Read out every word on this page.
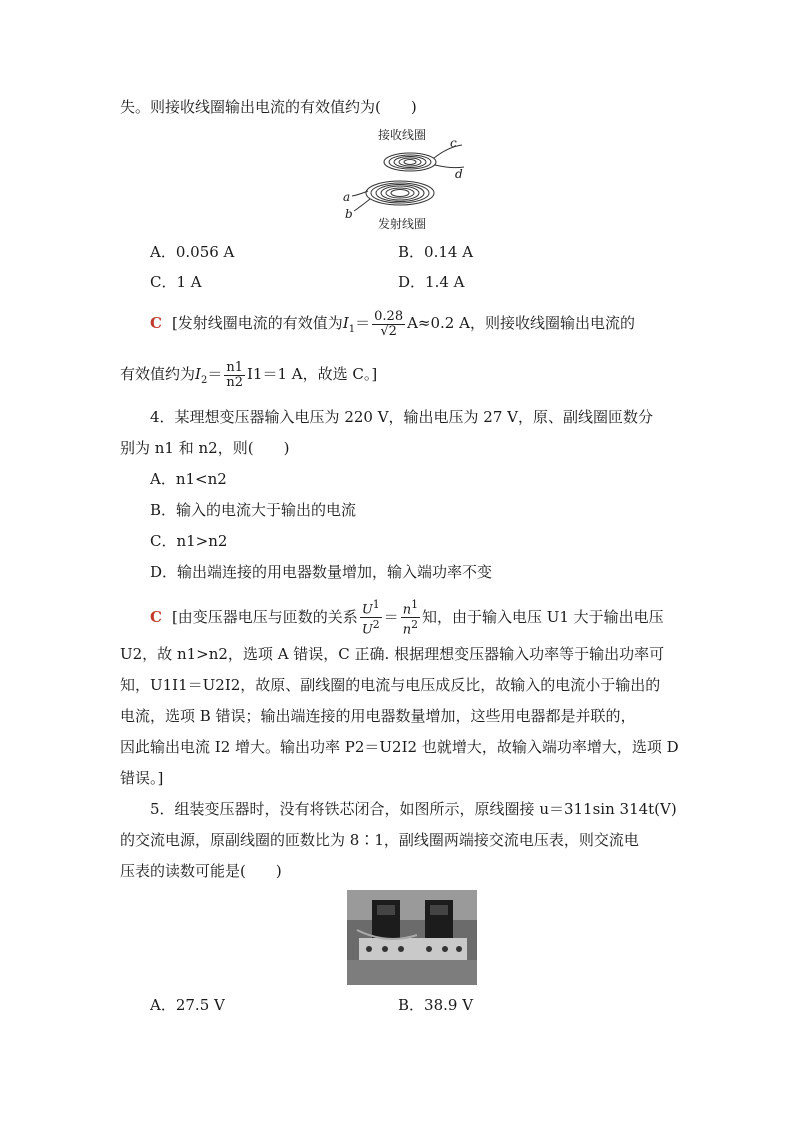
失。则接收线圈输出电流的有效值约为(　　)
接收线圈
发射线圈
c
d
a
b
A．0.056 A	B．0.14 A
C．1 A	D．1.4 A
C [发射线圈电流的有效值为$I_1= \frac{0.28}{√2} A\approx 0.2$ A，则接收线圈输出电流的
有效值约为$I_2= \frac{n1}{n2} I1=1$ A，故选 C。]
4．某理想变压器输入电压为 220 V，输出电压为 27 V，原、副线圈匝数分
别为 n1 和 n2，则(　　)
A．n1<n2
B．输入的电流大于输出的电流
C．n1>n2
D．输出端连接的用电器数量增加，输入端功率不变
C [由变压器电压与匝数的关系 $\frac{U^1}{U^2} = \frac{n^1}{n^2}$ 知，由于输入电压 U1 大于输出电压
U2，故 n1>n2，选项 A 错误，C 正确. 根据理想变压器输入功率等于输出功率可
知，U1I1＝U2I2，故原、副线圈的电流与电压成反比，故输入的电流小于输出的
电流，选项 B 错误；输出端连接的用电器数量增加，这些用电器都是并联的，
因此输出电流 I2 增大。输出功率 P2＝U2I2 也就增大，故输入端功率增大，选项 D
错误。]
5．组装变压器时，没有将铁芯闭合，如图所示，原线圈接 u＝311sin 314t(V)
的交流电源，原副线圈的匝数比为 8∶1，副线圈两端接交流电压表，则交流电
压表的读数可能是(　　)
A．27.5 V	B．38.9 V
